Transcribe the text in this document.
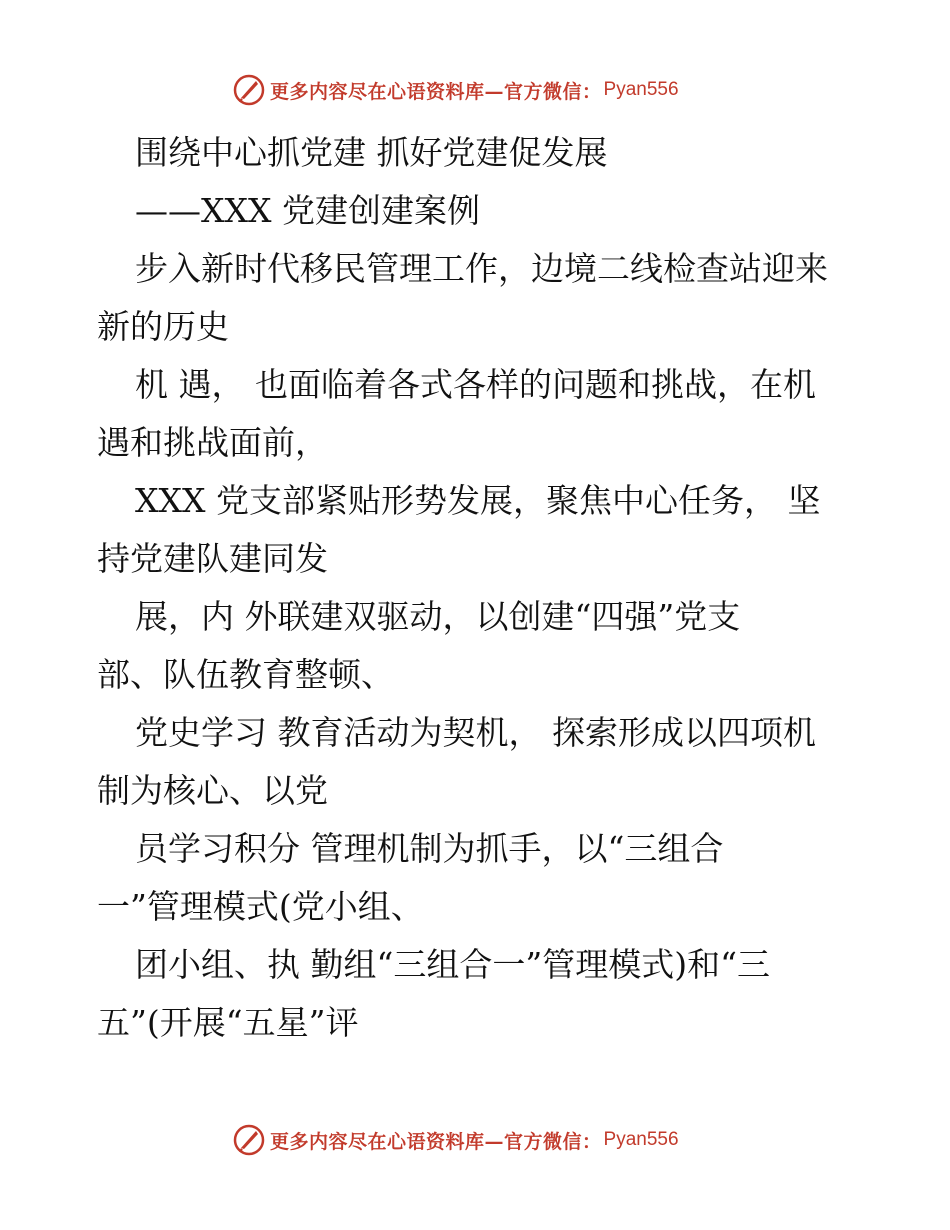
更多内容尽在心语资料库—官方微信： Pyan556
围绕中心抓党建 抓好党建促发展
——XXX 党建创建案例
步入新时代移民管理工作，边境二线检查站迎来
新的历史
机 遇， 也面临着各式各样的问题和挑战，在机
遇和挑战面前，
XXX 党支部紧贴形势发展，聚焦中心任务， 坚
持党建队建同发
展，内 外联建双驱动，以创建“四强”党支
部、队伍教育整顿、
党史学习 教育活动为契机， 探索形成以四项机
制为核心、以党
员学习积分 管理机制为抓手，以“三组合
一”管理模式(党小组、
团小组、执 勤组“三组合一”管理模式)和“三
五”(开展“五星”评
更多内容尽在心语资料库—官方微信： Pyan556
